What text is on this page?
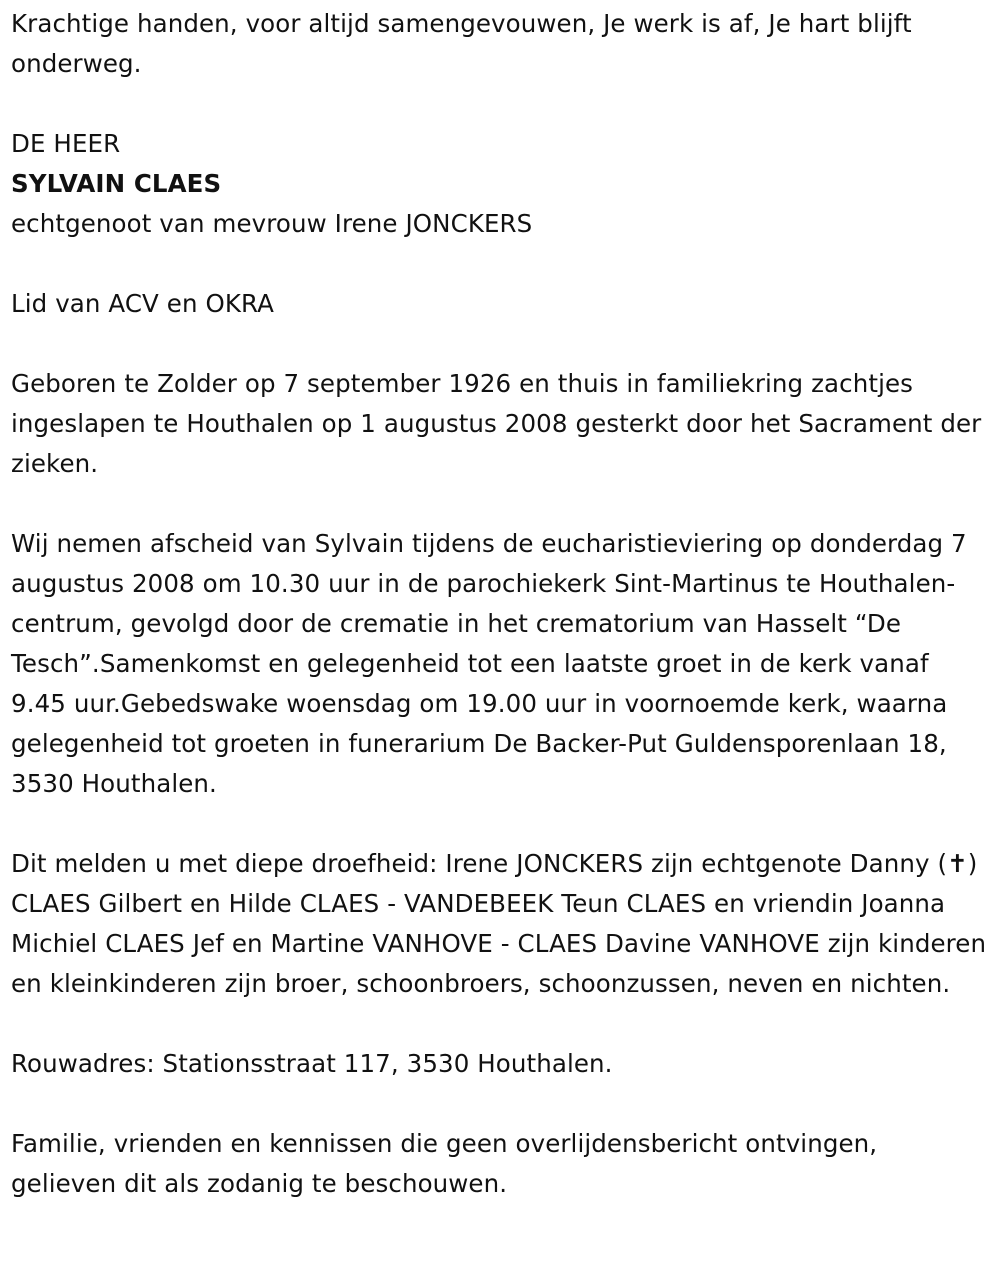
Krachtige handen, voor altijd samengevouwen, Je werk is af, Je hart blijft onderweg.

DE HEER

SYLVAIN CLAES

echtgenoot van mevrouw Irene JONCKERS

Lid van ACV en OKRA

Geboren te Zolder op 7 september 1926 en thuis in familiekring zachtjes ingeslapen te Houthalen op 1 augustus 2008 gesterkt door het Sacrament der zieken.

Wij nemen afscheid van Sylvain tijdens de eucharistieviering op donderdag 7 augustus 2008 om 10.30 uur in de parochiekerk Sint-Martinus te Houthalen-centrum, gevolgd door de crematie in het crematorium van Hasselt “De Tesch”.Samenkomst en gelegenheid tot een laatste groet in de kerk vanaf 9.45 uur.Gebedswake woensdag om 19.00 uur in voornoemde kerk, waarna gelegenheid tot groeten in funerarium De Backer-Put Guldensporenlaan 18, 3530 Houthalen.

Dit melden u met diepe droefheid: Irene JONCKERS zijn echtgenote Danny (✝) CLAES Gilbert en Hilde CLAES - VANDEBEEK Teun CLAES en vriendin Joanna Michiel CLAES Jef en Martine VANHOVE - CLAES Davine VANHOVE zijn kinderen en kleinkinderen zijn broer, schoonbroers, schoonzussen, neven en nichten.

Rouwadres: Stationsstraat 117, 3530 Houthalen.

Familie, vrienden en kennissen die geen overlijdensbericht ontvingen, gelieven dit als zodanig te beschouwen.
